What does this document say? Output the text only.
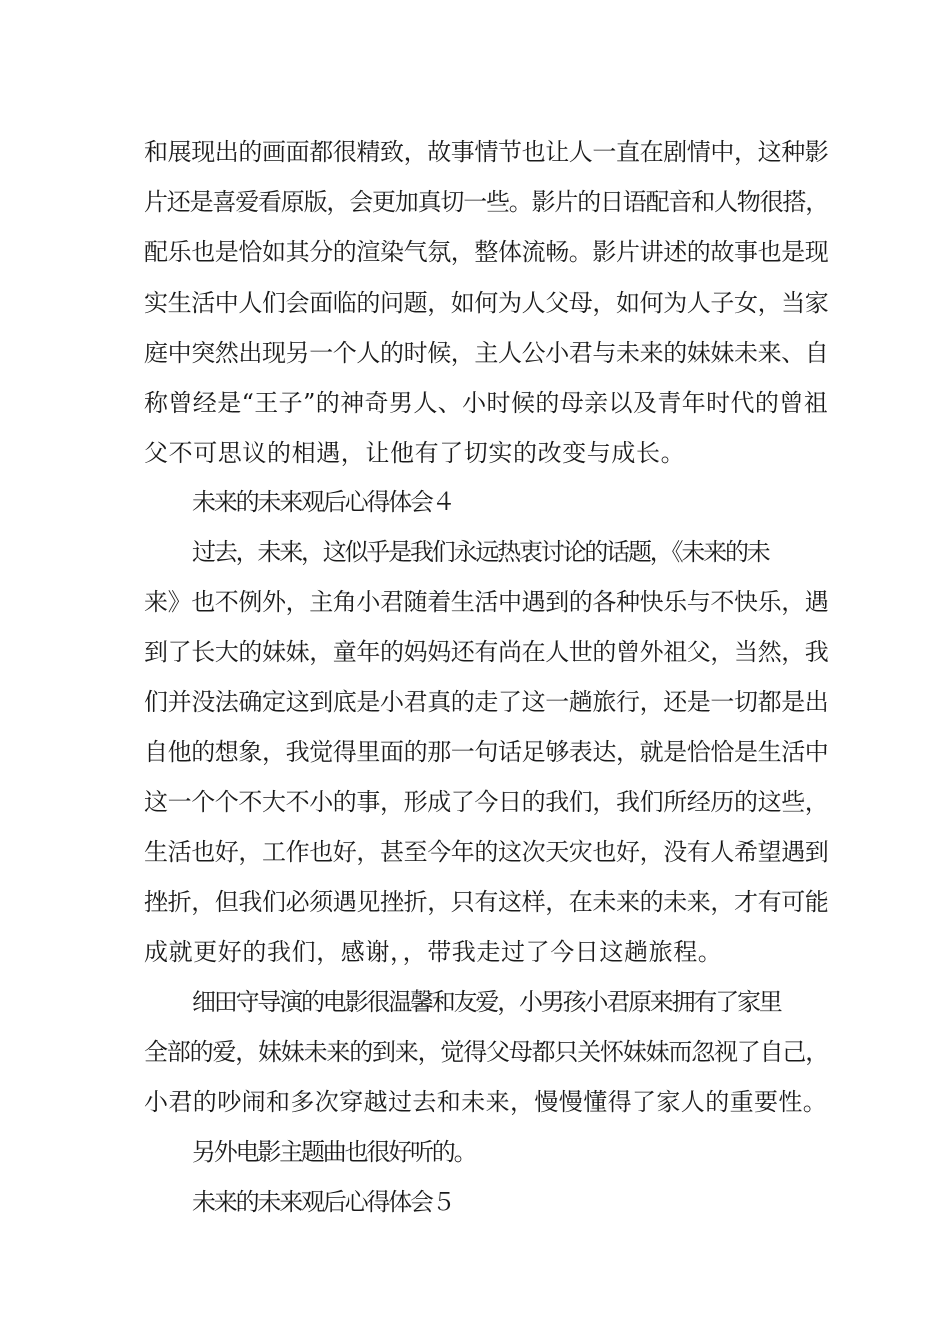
和展现出的画面都很精致，故事情节也让人一直在剧情中，这种影
片还是喜爱看原版，会更加真切一些。影片的日语配音和人物很搭，
配乐也是恰如其分的渲染气氛，整体流畅。影片讲述的故事也是现
实生活中人们会面临的问题，如何为人父母，如何为人子女，当家
庭中突然出现另一个人的时候，主人公小君与未来的妹妹未来、自
称曾经是“王子”的神奇男人、小时候的母亲以及青年时代的曾祖
父不可思议的相遇，让他有了切实的改变与成长。
未来的未来观后心得体会４
过去，未来，这似乎是我们永远热衷讨论的话题，《未来的未
来》也不例外，主角小君随着生活中遇到的各种快乐与不快乐，遇
到了长大的妹妹，童年的妈妈还有尚在人世的曾外祖父，当然，我
们并没法确定这到底是小君真的走了这一趟旅行，还是一切都是出
自他的想象，我觉得里面的那一句话足够表达，就是恰恰是生活中
这一个个不大不小的事，形成了今日的我们，我们所经历的这些，
生活也好，工作也好，甚至今年的这次天灾也好，没有人希望遇到
挫折，但我们必须遇见挫折，只有这样，在未来的未来，才有可能
成就更好的我们，感谢，，带我走过了今日这趟旅程。
细田守导演的电影很温馨和友爱，小男孩小君原来拥有了家里
全部的爱，妹妹未来的到来，觉得父母都只关怀妹妹而忽视了自己，
小君的吵闹和多次穿越过去和未来，慢慢懂得了家人的重要性。
另外电影主题曲也很好听的。
未来的未来观后心得体会５
